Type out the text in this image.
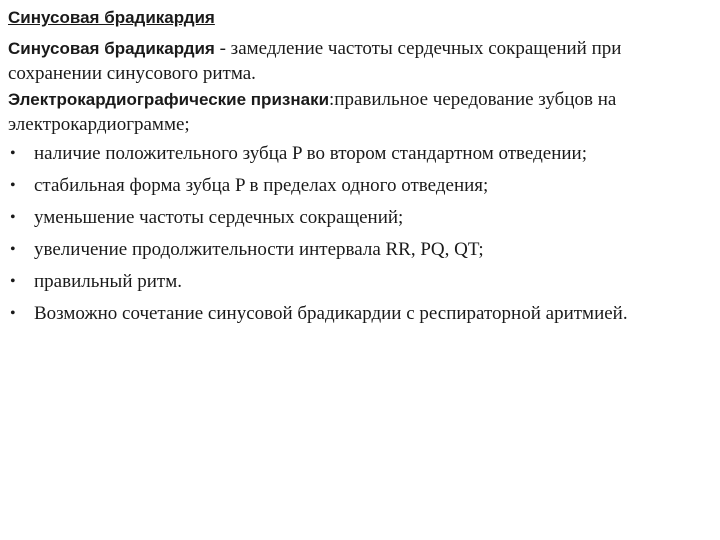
Синусовая брадикардия

Синусовая брадикардия - замедление частоты сердечных сокращений при сохранении синусового ритма.

Электрокардиографические признаки:правильное чередование зубцов на электрокардиограмме;

• наличие положительного зубца P во втором стандартном отведении;
• стабильная форма зубца P в пределах одного отведения;
• уменьшение частоты сердечных сокращений;
• увеличение продолжительности интервала RR, PQ, QT;
• правильный ритм.
• Возможно сочетание синусовой брадикардии с респираторной аритмией.
